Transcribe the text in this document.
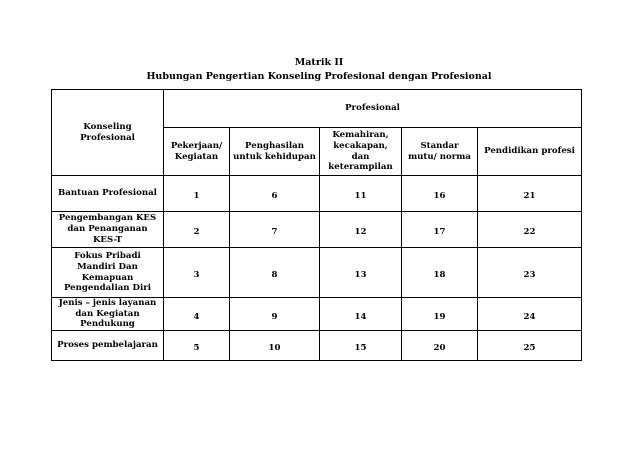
Matrik II
Hubungan Pengertian Konseling Profesional dengan Profesional
Konseling Profesional	Profesional				
	Pekerjaan/ Kegiatan	Penghasilan untuk kehidupan	Kemahiran, kecakapan, dan keterampilan	Standar mutu/ norma	Pendidikan profesi
Bantuan Profesional	1	6	11	16	21
Pengembangan KES dan Penanganan KES-T	2	7	12	17	22
Fokus Pribadi Mandiri Dan Kemapuan Pengendalian Diri	3	8	13	18	23
Jenis – jenis layanan dan Kegiatan Pendukung	4	9	14	19	24
Proses pembelajaran	5	10	15	20	25
